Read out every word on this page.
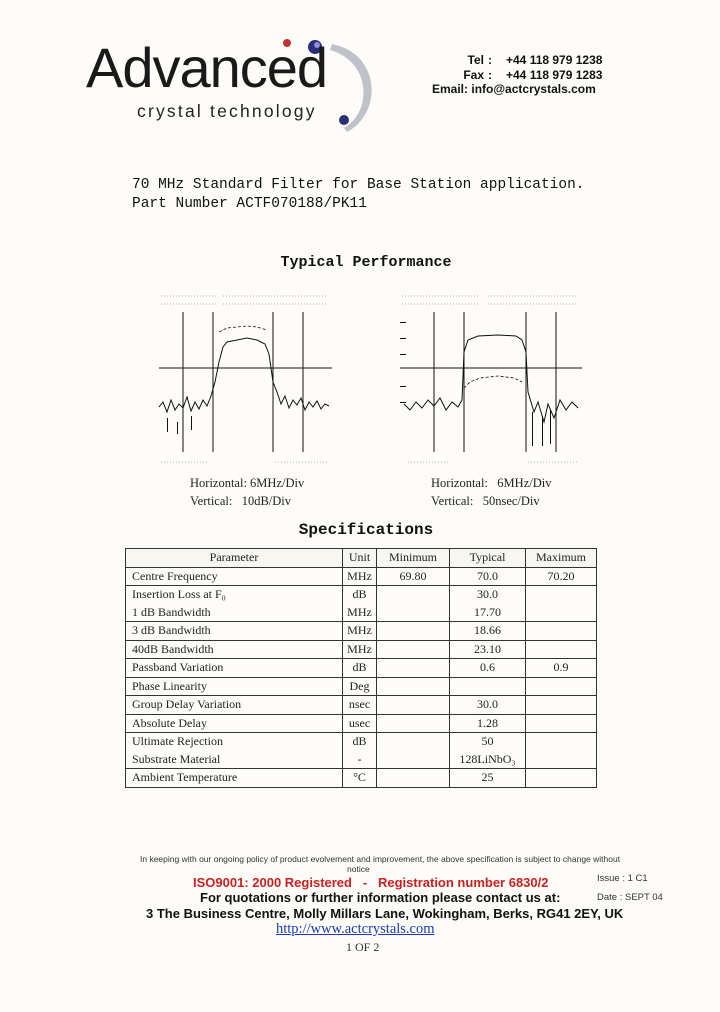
Advanced
crystal technology
Tel :	+44 118 979 1238
Fax :	+44 118 979 1283
Email: info@actcrystals.com
70 MHz Standard Filter for Base Station application.
Part Number ACTF070188/PK11
Typical Performance
Horizontal: 6MHz/Div
Vertical:   10dB/Div
Horizontal:   6MHz/Div
Vertical:   50nsec/Div
Specifications
Parameter	Unit	Minimum	Typical	Maximum
Centre Frequency	MHz	69.80	70.0	70.20
Insertion Loss at F₀	dB		30.0	
1 dB Bandwidth	MHz		17.70	
3 dB Bandwidth	MHz		18.66	
40dB Bandwidth	MHz		23.10	
Passband Variation	dB		0.6	0.9
Phase Linearity	Deg			
Group Delay Variation	nsec		30.0	
Absolute Delay	usec		1.28	
Ultimate Rejection	dB		50	
Substrate Material	-		128LiNbO₃	
Ambient Temperature	°C		25	
In keeping with our ongoing policy of product evolvement and improvement, the above specification is subject to change without
notice
ISO9001: 2000 Registered   -   Registration number 6830/2
For quotations or further information please contact us at:
3 The Business Centre, Molly Millars Lane, Wokingham, Berks, RG41 2EY, UK
http://www.actcrystals.com
1 OF 2
Issue : 1 C1
Date : SEPT 04
